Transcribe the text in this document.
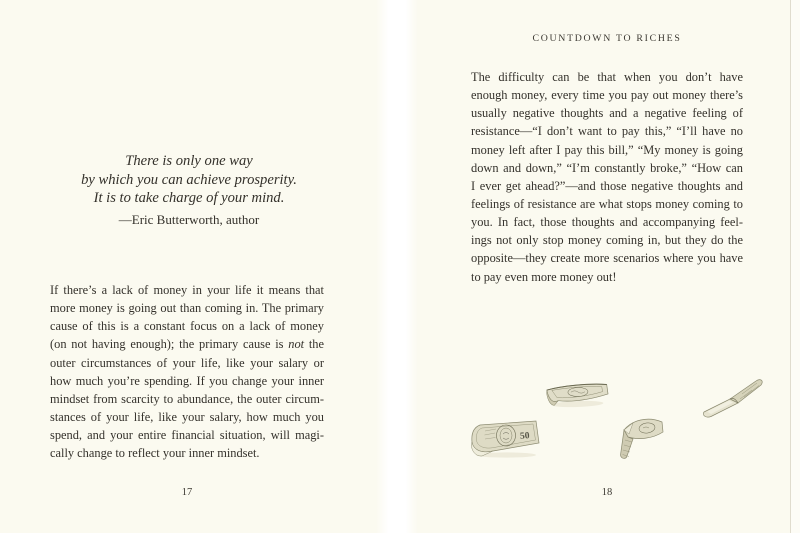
There is only one way
by which you can achieve prosperity.
It is to take charge of your mind.
—Eric Butterworth, author
If there’s a lack of money in your life it means that
more money is going out than coming in. The primary
cause of this is a constant focus on a lack of money
(on not having enough); the primary cause is not the
outer circumstances of your life, like your salary or
how much you’re spending. If you change your inner
mindset from scarcity to abundance, the outer circum-
stances of your life, like your salary, how much you
spend, and your entire financial situation, will magi-
cally change to reflect your inner mindset.
17
COUNTDOWN TO RICHES
The difficulty can be that when you don’t have
enough money, every time you pay out money there’s
usually negative thoughts and a negative feeling of
resistance—“I don’t want to pay this,” “I’ll have no
money left after I pay this bill,” “My money is going
down and down,” “I’m constantly broke,” “How can
I ever get ahead?”—and those negative thoughts and
feelings of resistance are what stops money coming to
you. In fact, those thoughts and accompanying feel-
ings not only stop money coming in, but they do the
opposite—they create more scenarios where you have
to pay even more money out!
50
18
